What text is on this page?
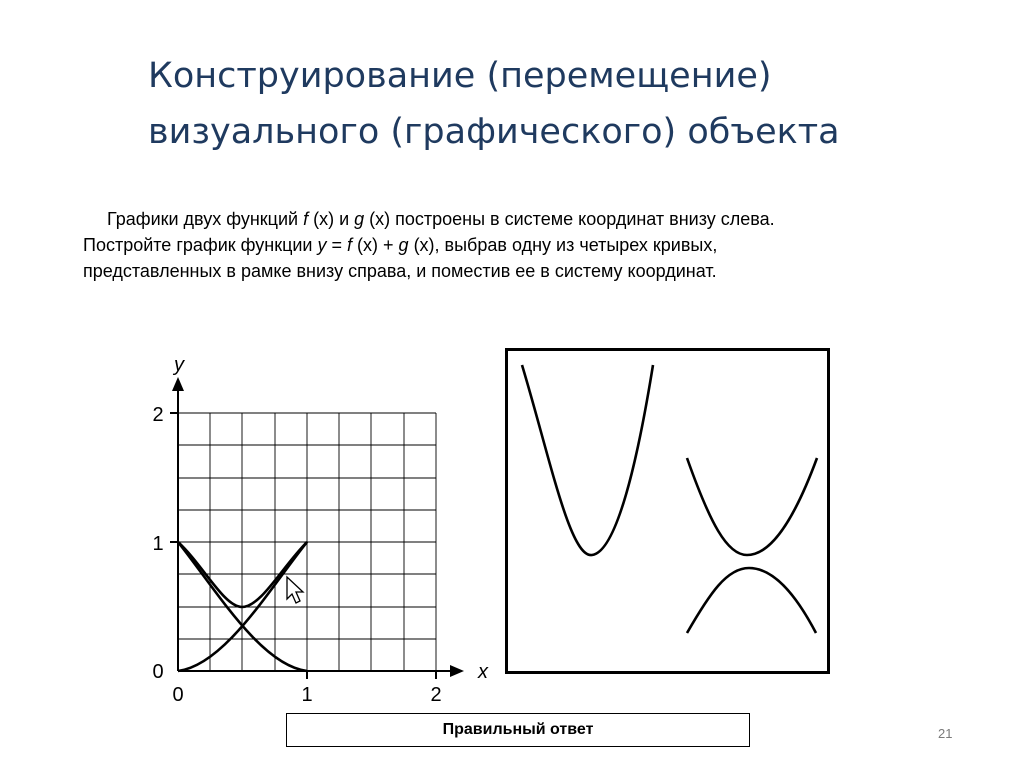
Конструирование (перемещение)
визуального (графического) объекта
Графики двух функций f (x) и g (x) построены в системе координат внизу слева.
Постройте график функции y = f (x) + g (x), выбрав одну из четырех кривых,
представленных в рамке внизу справа, и поместив ее в систему координат.
x
y
0	1	2
0
1
2
Правильный ответ	21
